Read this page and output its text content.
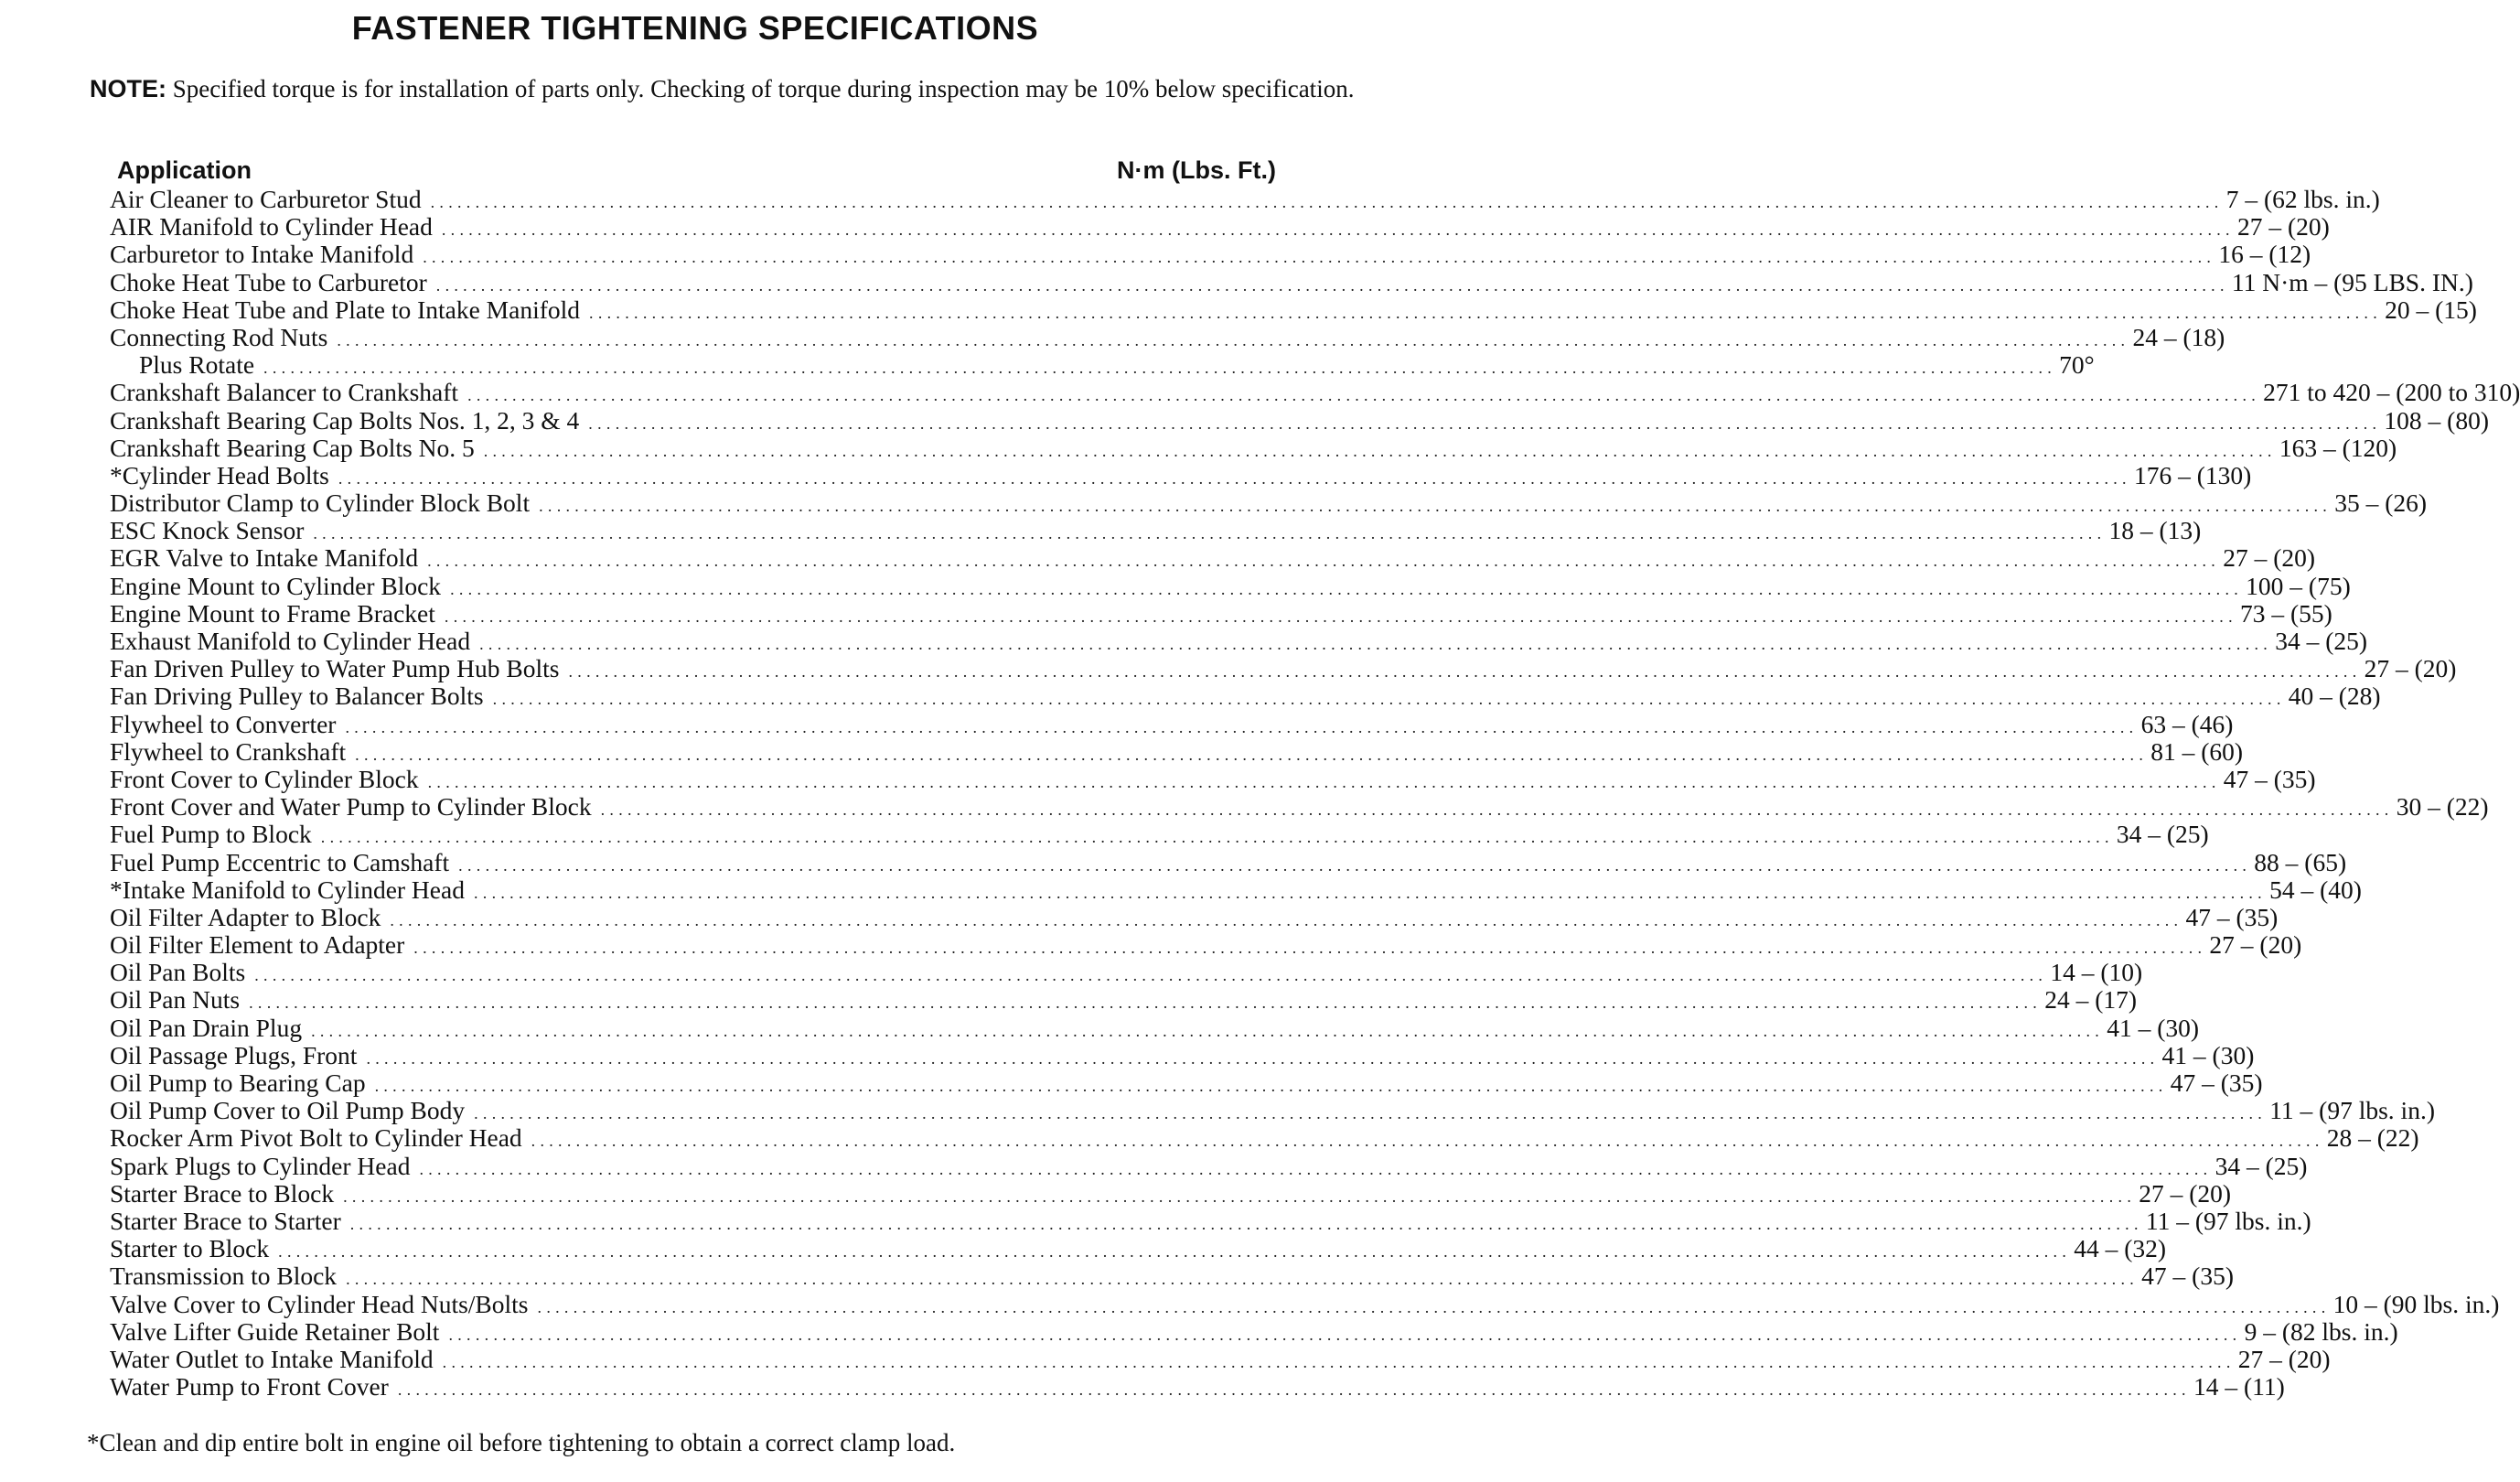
FASTENER TIGHTENING SPECIFICATIONS
NOTE: Specified torque is for installation of parts only. Checking of torque during inspection may be 10% below specification.
Application	N·m (Lbs. Ft.)
Air Cleaner to Carburetor Stud . . . . . . . . . . . . . . . . . . . . . . . . . . . . . . . . . . . . . . . . . . . . . . . . . . . . . . . . . . . . . . . . . . . . . . . . . . . . . . . . . . . . . . . . . . . . . . . . . . . . . . . . . . . . . . . . . . . . . . . . . . . . . . . . . . . . . . . . . . . . . . . . . . . . . . . . . . . . . . . . . . . . . . . . . . . . . . . . . . . . . . . . . . . . . . . . . . . . . . . . 7 – (62 lbs. in.)
AIR Manifold to Cylinder Head . . . . . . . . . . . . . . . . . . . . . . . . . . . . . . . . . . . . . . . . . . . . . . . . . . . . . . . . . . . . . . . . . . . . . . . . . . . . . . . . . . . . . . . . . . . . . . . . . . . . . . . . . . . . . . . . . . . . . . . . . . . . . . . . . . . . . . . . . . . . . . . . . . . . . . . . . . . . . . . . . . . . . . . . . . . . . . . . . . . . . . . . . . . . . . . . . . . . . . . . 27 – (20)
Carburetor to Intake Manifold . . . . . . . . . . . . . . . . . . . . . . . . . . . . . . . . . . . . . . . . . . . . . . . . . . . . . . . . . . . . . . . . . . . . . . . . . . . . . . . . . . . . . . . . . . . . . . . . . . . . . . . . . . . . . . . . . . . . . . . . . . . . . . . . . . . . . . . . . . . . . . . . . . . . . . . . . . . . . . . . . . . . . . . . . . . . . . . . . . . . . . . . . . . . . . . . . . . . . . . . 16 – (12)
Choke Heat Tube to Carburetor . . . . . . . . . . . . . . . . . . . . . . . . . . . . . . . . . . . . . . . . . . . . . . . . . . . . . . . . . . . . . . . . . . . . . . . . . . . . . . . . . . . . . . . . . . . . . . . . . . . . . . . . . . . . . . . . . . . . . . . . . . . . . . . . . . . . . . . . . . . . . . . . . . . . . . . . . . . . . . . . . . . . . . . . . . . . . . . . . . . . . . . . . . . . . . . . . . . . . . . . 11 N·m – (95 LBS. IN.)
Choke Heat Tube and Plate to Intake Manifold . . . . . . . . . . . . . . . . . . . . . . . . . . . . . . . . . . . . . . . . . . . . . . . . . . . . . . . . . . . . . . . . . . . . . . . . . . . . . . . . . . . . . . . . . . . . . . . . . . . . . . . . . . . . . . . . . . . . . . . . . . . . . . . . . . . . . . . . . . . . . . . . . . . . . . . . . . . . . . . . . . . . . . . . . . . . . . . . . . . . . . . . . . . . . . . . . . . . . . . . 20 – (15)
Connecting Rod Nuts . . . . . . . . . . . . . . . . . . . . . . . . . . . . . . . . . . . . . . . . . . . . . . . . . . . . . . . . . . . . . . . . . . . . . . . . . . . . . . . . . . . . . . . . . . . . . . . . . . . . . . . . . . . . . . . . . . . . . . . . . . . . . . . . . . . . . . . . . . . . . . . . . . . . . . . . . . . . . . . . . . . . . . . . . . . . . . . . . . . . . . . . . . . . . . . . . . . . . . . . 24 – (18)
Plus Rotate . . . . . . . . . . . . . . . . . . . . . . . . . . . . . . . . . . . . . . . . . . . . . . . . . . . . . . . . . . . . . . . . . . . . . . . . . . . . . . . . . . . . . . . . . . . . . . . . . . . . . . . . . . . . . . . . . . . . . . . . . . . . . . . . . . . . . . . . . . . . . . . . . . . . . . . . . . . . . . . . . . . . . . . . . . . . . . . . . . . . . . . . . . . . . . . . . . . . . . . . 70°
Crankshaft Balancer to Crankshaft . . . . . . . . . . . . . . . . . . . . . . . . . . . . . . . . . . . . . . . . . . . . . . . . . . . . . . . . . . . . . . . . . . . . . . . . . . . . . . . . . . . . . . . . . . . . . . . . . . . . . . . . . . . . . . . . . . . . . . . . . . . . . . . . . . . . . . . . . . . . . . . . . . . . . . . . . . . . . . . . . . . . . . . . . . . . . . . . . . . . . . . . . . . . . . . . . . . . . . . . 271 to 420 – (200 to 310)
Crankshaft Bearing Cap Bolts Nos. 1, 2, 3 & 4 . . . . . . . . . . . . . . . . . . . . . . . . . . . . . . . . . . . . . . . . . . . . . . . . . . . . . . . . . . . . . . . . . . . . . . . . . . . . . . . . . . . . . . . . . . . . . . . . . . . . . . . . . . . . . . . . . . . . . . . . . . . . . . . . . . . . . . . . . . . . . . . . . . . . . . . . . . . . . . . . . . . . . . . . . . . . . . . . . . . . . . . . . . . . . . . . . . . . . . . . 108 – (80)
Crankshaft Bearing Cap Bolts No. 5 . . . . . . . . . . . . . . . . . . . . . . . . . . . . . . . . . . . . . . . . . . . . . . . . . . . . . . . . . . . . . . . . . . . . . . . . . . . . . . . . . . . . . . . . . . . . . . . . . . . . . . . . . . . . . . . . . . . . . . . . . . . . . . . . . . . . . . . . . . . . . . . . . . . . . . . . . . . . . . . . . . . . . . . . . . . . . . . . . . . . . . . . . . . . . . . . . . . . . . . . 163 – (120)
*Cylinder Head Bolts . . . . . . . . . . . . . . . . . . . . . . . . . . . . . . . . . . . . . . . . . . . . . . . . . . . . . . . . . . . . . . . . . . . . . . . . . . . . . . . . . . . . . . . . . . . . . . . . . . . . . . . . . . . . . . . . . . . . . . . . . . . . . . . . . . . . . . . . . . . . . . . . . . . . . . . . . . . . . . . . . . . . . . . . . . . . . . . . . . . . . . . . . . . . . . . . . . . . . . . . 176 – (130)
Distributor Clamp to Cylinder Block Bolt . . . . . . . . . . . . . . . . . . . . . . . . . . . . . . . . . . . . . . . . . . . . . . . . . . . . . . . . . . . . . . . . . . . . . . . . . . . . . . . . . . . . . . . . . . . . . . . . . . . . . . . . . . . . . . . . . . . . . . . . . . . . . . . . . . . . . . . . . . . . . . . . . . . . . . . . . . . . . . . . . . . . . . . . . . . . . . . . . . . . . . . . . . . . . . . . . . . . . . . . 35 – (26)
ESC Knock Sensor . . . . . . . . . . . . . . . . . . . . . . . . . . . . . . . . . . . . . . . . . . . . . . . . . . . . . . . . . . . . . . . . . . . . . . . . . . . . . . . . . . . . . . . . . . . . . . . . . . . . . . . . . . . . . . . . . . . . . . . . . . . . . . . . . . . . . . . . . . . . . . . . . . . . . . . . . . . . . . . . . . . . . . . . . . . . . . . . . . . . . . . . . . . . . . . . . . . . . . . . 18 – (13)
EGR Valve to Intake Manifold . . . . . . . . . . . . . . . . . . . . . . . . . . . . . . . . . . . . . . . . . . . . . . . . . . . . . . . . . . . . . . . . . . . . . . . . . . . . . . . . . . . . . . . . . . . . . . . . . . . . . . . . . . . . . . . . . . . . . . . . . . . . . . . . . . . . . . . . . . . . . . . . . . . . . . . . . . . . . . . . . . . . . . . . . . . . . . . . . . . . . . . . . . . . . . . . . . . . . . . . 27 – (20)
Engine Mount to Cylinder Block . . . . . . . . . . . . . . . . . . . . . . . . . . . . . . . . . . . . . . . . . . . . . . . . . . . . . . . . . . . . . . . . . . . . . . . . . . . . . . . . . . . . . . . . . . . . . . . . . . . . . . . . . . . . . . . . . . . . . . . . . . . . . . . . . . . . . . . . . . . . . . . . . . . . . . . . . . . . . . . . . . . . . . . . . . . . . . . . . . . . . . . . . . . . . . . . . . . . . . . . 100 – (75)
Engine Mount to Frame Bracket . . . . . . . . . . . . . . . . . . . . . . . . . . . . . . . . . . . . . . . . . . . . . . . . . . . . . . . . . . . . . . . . . . . . . . . . . . . . . . . . . . . . . . . . . . . . . . . . . . . . . . . . . . . . . . . . . . . . . . . . . . . . . . . . . . . . . . . . . . . . . . . . . . . . . . . . . . . . . . . . . . . . . . . . . . . . . . . . . . . . . . . . . . . . . . . . . . . . . . . . 73 – (55)
Exhaust Manifold to Cylinder Head . . . . . . . . . . . . . . . . . . . . . . . . . . . . . . . . . . . . . . . . . . . . . . . . . . . . . . . . . . . . . . . . . . . . . . . . . . . . . . . . . . . . . . . . . . . . . . . . . . . . . . . . . . . . . . . . . . . . . . . . . . . . . . . . . . . . . . . . . . . . . . . . . . . . . . . . . . . . . . . . . . . . . . . . . . . . . . . . . . . . . . . . . . . . . . . . . . . . . . . . 34 – (25)
Fan Driven Pulley to Water Pump Hub Bolts . . . . . . . . . . . . . . . . . . . . . . . . . . . . . . . . . . . . . . . . . . . . . . . . . . . . . . . . . . . . . . . . . . . . . . . . . . . . . . . . . . . . . . . . . . . . . . . . . . . . . . . . . . . . . . . . . . . . . . . . . . . . . . . . . . . . . . . . . . . . . . . . . . . . . . . . . . . . . . . . . . . . . . . . . . . . . . . . . . . . . . . . . . . . . . . . . . . . . . . . 27 – (20)
Fan Driving Pulley to Balancer Bolts . . . . . . . . . . . . . . . . . . . . . . . . . . . . . . . . . . . . . . . . . . . . . . . . . . . . . . . . . . . . . . . . . . . . . . . . . . . . . . . . . . . . . . . . . . . . . . . . . . . . . . . . . . . . . . . . . . . . . . . . . . . . . . . . . . . . . . . . . . . . . . . . . . . . . . . . . . . . . . . . . . . . . . . . . . . . . . . . . . . . . . . . . . . . . . . . . . . . . . . . 40 – (28)
Flywheel to Converter . . . . . . . . . . . . . . . . . . . . . . . . . . . . . . . . . . . . . . . . . . . . . . . . . . . . . . . . . . . . . . . . . . . . . . . . . . . . . . . . . . . . . . . . . . . . . . . . . . . . . . . . . . . . . . . . . . . . . . . . . . . . . . . . . . . . . . . . . . . . . . . . . . . . . . . . . . . . . . . . . . . . . . . . . . . . . . . . . . . . . . . . . . . . . . . . . . . . . . . . 63 – (46)
Flywheel to Crankshaft . . . . . . . . . . . . . . . . . . . . . . . . . . . . . . . . . . . . . . . . . . . . . . . . . . . . . . . . . . . . . . . . . . . . . . . . . . . . . . . . . . . . . . . . . . . . . . . . . . . . . . . . . . . . . . . . . . . . . . . . . . . . . . . . . . . . . . . . . . . . . . . . . . . . . . . . . . . . . . . . . . . . . . . . . . . . . . . . . . . . . . . . . . . . . . . . . . . . . . . . 81 – (60)
Front Cover to Cylinder Block . . . . . . . . . . . . . . . . . . . . . . . . . . . . . . . . . . . . . . . . . . . . . . . . . . . . . . . . . . . . . . . . . . . . . . . . . . . . . . . . . . . . . . . . . . . . . . . . . . . . . . . . . . . . . . . . . . . . . . . . . . . . . . . . . . . . . . . . . . . . . . . . . . . . . . . . . . . . . . . . . . . . . . . . . . . . . . . . . . . . . . . . . . . . . . . . . . . . . . . . 47 – (35)
Front Cover and Water Pump to Cylinder Block . . . . . . . . . . . . . . . . . . . . . . . . . . . . . . . . . . . . . . . . . . . . . . . . . . . . . . . . . . . . . . . . . . . . . . . . . . . . . . . . . . . . . . . . . . . . . . . . . . . . . . . . . . . . . . . . . . . . . . . . . . . . . . . . . . . . . . . . . . . . . . . . . . . . . . . . . . . . . . . . . . . . . . . . . . . . . . . . . . . . . . . . . . . . . . . . . . . . . . . . 30 – (22)
Fuel Pump to Block . . . . . . . . . . . . . . . . . . . . . . . . . . . . . . . . . . . . . . . . . . . . . . . . . . . . . . . . . . . . . . . . . . . . . . . . . . . . . . . . . . . . . . . . . . . . . . . . . . . . . . . . . . . . . . . . . . . . . . . . . . . . . . . . . . . . . . . . . . . . . . . . . . . . . . . . . . . . . . . . . . . . . . . . . . . . . . . . . . . . . . . . . . . . . . . . . . . . . . . . 34 – (25)
Fuel Pump Eccentric to Camshaft . . . . . . . . . . . . . . . . . . . . . . . . . . . . . . . . . . . . . . . . . . . . . . . . . . . . . . . . . . . . . . . . . . . . . . . . . . . . . . . . . . . . . . . . . . . . . . . . . . . . . . . . . . . . . . . . . . . . . . . . . . . . . . . . . . . . . . . . . . . . . . . . . . . . . . . . . . . . . . . . . . . . . . . . . . . . . . . . . . . . . . . . . . . . . . . . . . . . . . . . 88 – (65)
*Intake Manifold to Cylinder Head . . . . . . . . . . . . . . . . . . . . . . . . . . . . . . . . . . . . . . . . . . . . . . . . . . . . . . . . . . . . . . . . . . . . . . . . . . . . . . . . . . . . . . . . . . . . . . . . . . . . . . . . . . . . . . . . . . . . . . . . . . . . . . . . . . . . . . . . . . . . . . . . . . . . . . . . . . . . . . . . . . . . . . . . . . . . . . . . . . . . . . . . . . . . . . . . . . . . . . . . 54 – (40)
Oil Filter Adapter to Block . . . . . . . . . . . . . . . . . . . . . . . . . . . . . . . . . . . . . . . . . . . . . . . . . . . . . . . . . . . . . . . . . . . . . . . . . . . . . . . . . . . . . . . . . . . . . . . . . . . . . . . . . . . . . . . . . . . . . . . . . . . . . . . . . . . . . . . . . . . . . . . . . . . . . . . . . . . . . . . . . . . . . . . . . . . . . . . . . . . . . . . . . . . . . . . . . . . . . . . . 47 – (35)
Oil Filter Element to Adapter . . . . . . . . . . . . . . . . . . . . . . . . . . . . . . . . . . . . . . . . . . . . . . . . . . . . . . . . . . . . . . . . . . . . . . . . . . . . . . . . . . . . . . . . . . . . . . . . . . . . . . . . . . . . . . . . . . . . . . . . . . . . . . . . . . . . . . . . . . . . . . . . . . . . . . . . . . . . . . . . . . . . . . . . . . . . . . . . . . . . . . . . . . . . . . . . . . . . . . . . 27 – (20)
Oil Pan Bolts . . . . . . . . . . . . . . . . . . . . . . . . . . . . . . . . . . . . . . . . . . . . . . . . . . . . . . . . . . . . . . . . . . . . . . . . . . . . . . . . . . . . . . . . . . . . . . . . . . . . . . . . . . . . . . . . . . . . . . . . . . . . . . . . . . . . . . . . . . . . . . . . . . . . . . . . . . . . . . . . . . . . . . . . . . . . . . . . . . . . . . . . . . . . . . . . . . . . . . . . 14 – (10)
Oil Pan Nuts . . . . . . . . . . . . . . . . . . . . . . . . . . . . . . . . . . . . . . . . . . . . . . . . . . . . . . . . . . . . . . . . . . . . . . . . . . . . . . . . . . . . . . . . . . . . . . . . . . . . . . . . . . . . . . . . . . . . . . . . . . . . . . . . . . . . . . . . . . . . . . . . . . . . . . . . . . . . . . . . . . . . . . . . . . . . . . . . . . . . . . . . . . . . . . . . . . . . . . . . 24 – (17)
Oil Pan Drain Plug . . . . . . . . . . . . . . . . . . . . . . . . . . . . . . . . . . . . . . . . . . . . . . . . . . . . . . . . . . . . . . . . . . . . . . . . . . . . . . . . . . . . . . . . . . . . . . . . . . . . . . . . . . . . . . . . . . . . . . . . . . . . . . . . . . . . . . . . . . . . . . . . . . . . . . . . . . . . . . . . . . . . . . . . . . . . . . . . . . . . . . . . . . . . . . . . . . . . . . . . 41 – (30)
Oil Passage Plugs, Front . . . . . . . . . . . . . . . . . . . . . . . . . . . . . . . . . . . . . . . . . . . . . . . . . . . . . . . . . . . . . . . . . . . . . . . . . . . . . . . . . . . . . . . . . . . . . . . . . . . . . . . . . . . . . . . . . . . . . . . . . . . . . . . . . . . . . . . . . . . . . . . . . . . . . . . . . . . . . . . . . . . . . . . . . . . . . . . . . . . . . . . . . . . . . . . . . . . . . . . . 41 – (30)
Oil Pump to Bearing Cap . . . . . . . . . . . . . . . . . . . . . . . . . . . . . . . . . . . . . . . . . . . . . . . . . . . . . . . . . . . . . . . . . . . . . . . . . . . . . . . . . . . . . . . . . . . . . . . . . . . . . . . . . . . . . . . . . . . . . . . . . . . . . . . . . . . . . . . . . . . . . . . . . . . . . . . . . . . . . . . . . . . . . . . . . . . . . . . . . . . . . . . . . . . . . . . . . . . . . . . . 47 – (35)
Oil Pump Cover to Oil Pump Body . . . . . . . . . . . . . . . . . . . . . . . . . . . . . . . . . . . . . . . . . . . . . . . . . . . . . . . . . . . . . . . . . . . . . . . . . . . . . . . . . . . . . . . . . . . . . . . . . . . . . . . . . . . . . . . . . . . . . . . . . . . . . . . . . . . . . . . . . . . . . . . . . . . . . . . . . . . . . . . . . . . . . . . . . . . . . . . . . . . . . . . . . . . . . . . . . . . . . . . . 11 – (97 lbs. in.)
Rocker Arm Pivot Bolt to Cylinder Head . . . . . . . . . . . . . . . . . . . . . . . . . . . . . . . . . . . . . . . . . . . . . . . . . . . . . . . . . . . . . . . . . . . . . . . . . . . . . . . . . . . . . . . . . . . . . . . . . . . . . . . . . . . . . . . . . . . . . . . . . . . . . . . . . . . . . . . . . . . . . . . . . . . . . . . . . . . . . . . . . . . . . . . . . . . . . . . . . . . . . . . . . . . . . . . . . . . . . . . . 28 – (22)
Spark Plugs to Cylinder Head . . . . . . . . . . . . . . . . . . . . . . . . . . . . . . . . . . . . . . . . . . . . . . . . . . . . . . . . . . . . . . . . . . . . . . . . . . . . . . . . . . . . . . . . . . . . . . . . . . . . . . . . . . . . . . . . . . . . . . . . . . . . . . . . . . . . . . . . . . . . . . . . . . . . . . . . . . . . . . . . . . . . . . . . . . . . . . . . . . . . . . . . . . . . . . . . . . . . . . . . 34 – (25)
Starter Brace to Block . . . . . . . . . . . . . . . . . . . . . . . . . . . . . . . . . . . . . . . . . . . . . . . . . . . . . . . . . . . . . . . . . . . . . . . . . . . . . . . . . . . . . . . . . . . . . . . . . . . . . . . . . . . . . . . . . . . . . . . . . . . . . . . . . . . . . . . . . . . . . . . . . . . . . . . . . . . . . . . . . . . . . . . . . . . . . . . . . . . . . . . . . . . . . . . . . . . . . . . . 27 – (20)
Starter Brace to Starter . . . . . . . . . . . . . . . . . . . . . . . . . . . . . . . . . . . . . . . . . . . . . . . . . . . . . . . . . . . . . . . . . . . . . . . . . . . . . . . . . . . . . . . . . . . . . . . . . . . . . . . . . . . . . . . . . . . . . . . . . . . . . . . . . . . . . . . . . . . . . . . . . . . . . . . . . . . . . . . . . . . . . . . . . . . . . . . . . . . . . . . . . . . . . . . . . . . . . . . . 11 – (97 lbs. in.)
Starter to Block . . . . . . . . . . . . . . . . . . . . . . . . . . . . . . . . . . . . . . . . . . . . . . . . . . . . . . . . . . . . . . . . . . . . . . . . . . . . . . . . . . . . . . . . . . . . . . . . . . . . . . . . . . . . . . . . . . . . . . . . . . . . . . . . . . . . . . . . . . . . . . . . . . . . . . . . . . . . . . . . . . . . . . . . . . . . . . . . . . . . . . . . . . . . . . . . . . . . . . . . 44 – (32)
Transmission to Block . . . . . . . . . . . . . . . . . . . . . . . . . . . . . . . . . . . . . . . . . . . . . . . . . . . . . . . . . . . . . . . . . . . . . . . . . . . . . . . . . . . . . . . . . . . . . . . . . . . . . . . . . . . . . . . . . . . . . . . . . . . . . . . . . . . . . . . . . . . . . . . . . . . . . . . . . . . . . . . . . . . . . . . . . . . . . . . . . . . . . . . . . . . . . . . . . . . . . . . . 47 – (35)
Valve Cover to Cylinder Head Nuts/Bolts . . . . . . . . . . . . . . . . . . . . . . . . . . . . . . . . . . . . . . . . . . . . . . . . . . . . . . . . . . . . . . . . . . . . . . . . . . . . . . . . . . . . . . . . . . . . . . . . . . . . . . . . . . . . . . . . . . . . . . . . . . . . . . . . . . . . . . . . . . . . . . . . . . . . . . . . . . . . . . . . . . . . . . . . . . . . . . . . . . . . . . . . . . . . . . . . . . . . . . . . 10 – (90 lbs. in.)
Valve Lifter Guide Retainer Bolt . . . . . . . . . . . . . . . . . . . . . . . . . . . . . . . . . . . . . . . . . . . . . . . . . . . . . . . . . . . . . . . . . . . . . . . . . . . . . . . . . . . . . . . . . . . . . . . . . . . . . . . . . . . . . . . . . . . . . . . . . . . . . . . . . . . . . . . . . . . . . . . . . . . . . . . . . . . . . . . . . . . . . . . . . . . . . . . . . . . . . . . . . . . . . . . . . . . . . . . . 9 – (82 lbs. in.)
Water Outlet to Intake Manifold . . . . . . . . . . . . . . . . . . . . . . . . . . . . . . . . . . . . . . . . . . . . . . . . . . . . . . . . . . . . . . . . . . . . . . . . . . . . . . . . . . . . . . . . . . . . . . . . . . . . . . . . . . . . . . . . . . . . . . . . . . . . . . . . . . . . . . . . . . . . . . . . . . . . . . . . . . . . . . . . . . . . . . . . . . . . . . . . . . . . . . . . . . . . . . . . . . . . . . . . 27 – (20)
Water Pump to Front Cover . . . . . . . . . . . . . . . . . . . . . . . . . . . . . . . . . . . . . . . . . . . . . . . . . . . . . . . . . . . . . . . . . . . . . . . . . . . . . . . . . . . . . . . . . . . . . . . . . . . . . . . . . . . . . . . . . . . . . . . . . . . . . . . . . . . . . . . . . . . . . . . . . . . . . . . . . . . . . . . . . . . . . . . . . . . . . . . . . . . . . . . . . . . . . . . . . . . . . . . . 14 – (11)
*Clean and dip entire bolt in engine oil before tightening to obtain a correct clamp load.
